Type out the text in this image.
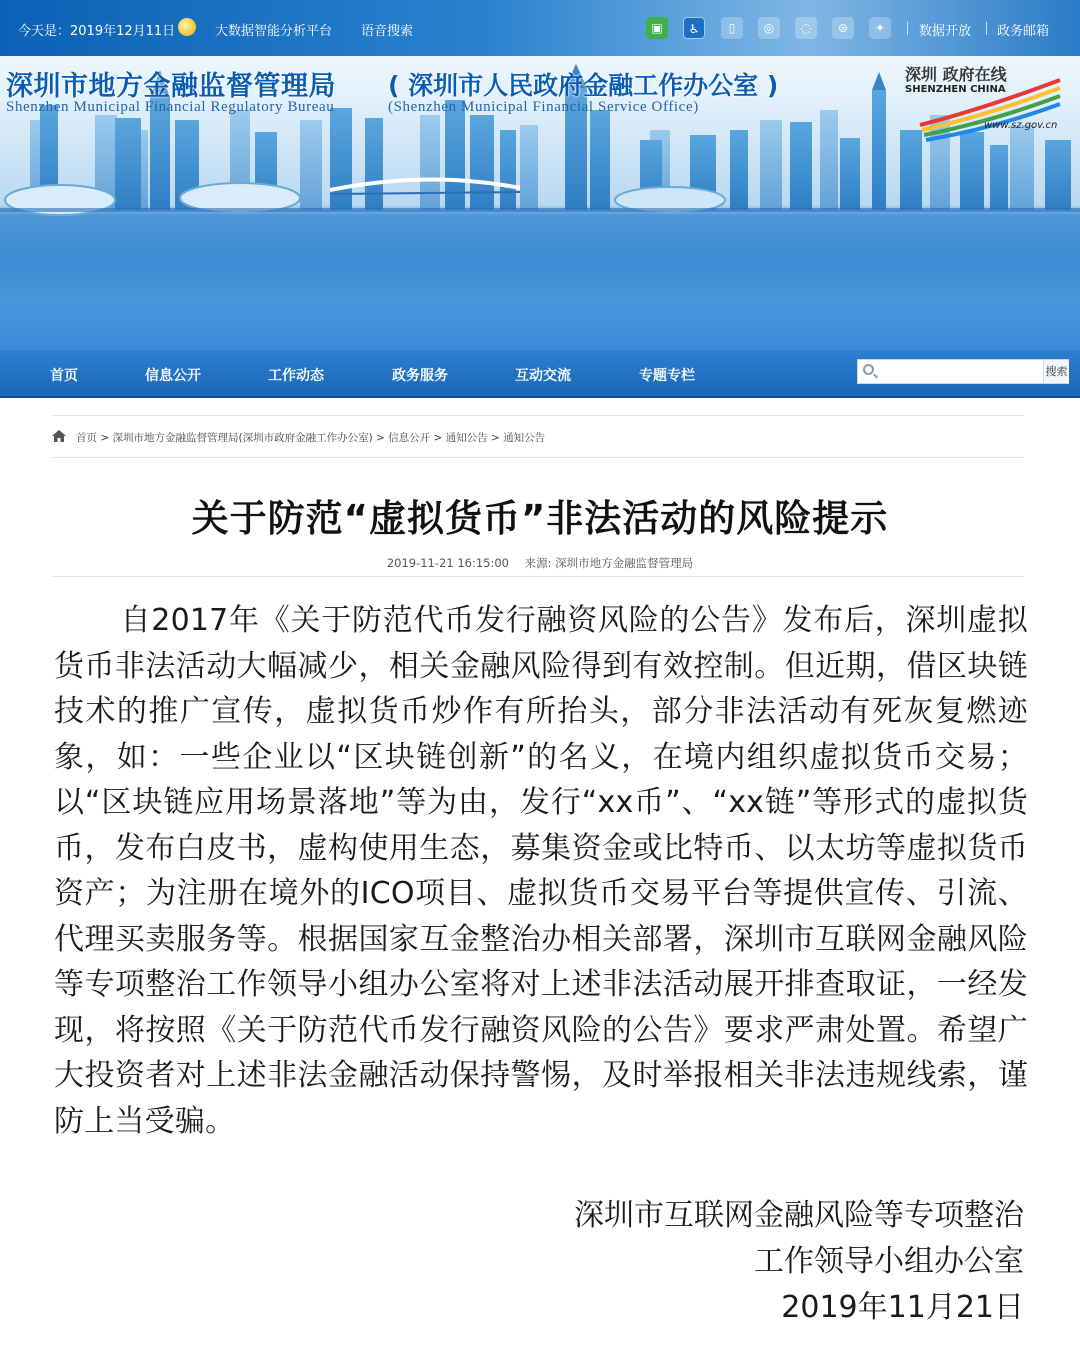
今天是：2019年12月11日	大数据智能分析平台 语音搜索	▣	♿	▯	◎	◌	⊜	✦	数据开放 政务邮箱
深圳市地方金融监督管理局 ( 深圳市人民政府金融工作办公室 )
Shenzhen Municipal Financial Regulatory Bureau	(Shenzhen Municipal Financial Service Office)
深圳 政府在线
SHENZHEN CHINA
www.sz.gov.cn
首页	信息公开	工作动态	政务服务	互动交流	专题专栏	搜索
首页 > 深圳市地方金融监督管理局(深圳市政府金融工作办公室) > 信息公开 > 通知公告 > 通知公告
关于防范“虚拟货币”非法活动的风险提示
2019-11-21 16:15:00 来源: 深圳市地方金融监督管理局
自2017年《关于防范代币发行融资风险的公告》发布后，深圳虚拟货币非法活动大幅减少，相关金融风险得到有效控制。但近期，借区块链技术的推广宣传，虚拟货币炒作有所抬头，部分非法活动有死灰复燃迹象，如：一些企业以“区块链创新”的名义，在境内组织虚拟货币交易；以“区块链应用场景落地”等为由，发行“xx币”、“xx链”等形式的虚拟货币，发布白皮书，虚构使用生态，募集资金或比特币、以太坊等虚拟货币资产；为注册在境外的ICO项目、虚拟货币交易平台等提供宣传、引流、代理买卖服务等。根据国家互金整治办相关部署，深圳市互联网金融风险等专项整治工作领导小组办公室将对上述非法活动展开排查取证，一经发现，将按照《关于防范代币发行融资风险的公告》要求严肃处置。希望广大投资者对上述非法金融活动保持警惕，及时举报相关非法违规线索，谨防上当受骗。
深圳市互联网金融风险等专项整治
工作领导小组办公室
2019年11月21日
